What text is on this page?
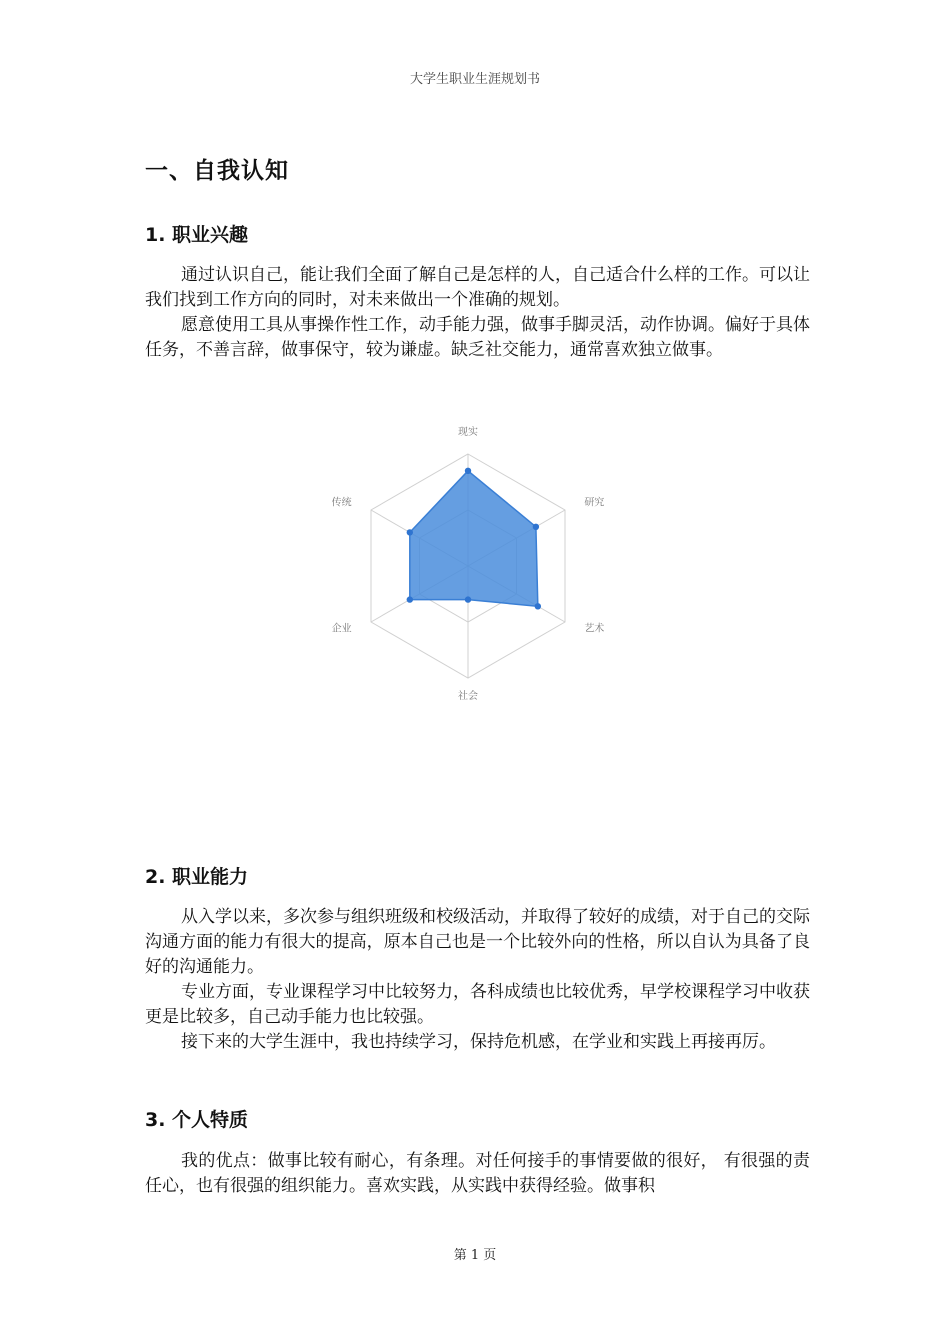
大学生职业生涯规划书
一、自我认知
1. 职业兴趣

通过认识自己，能让我们全面了解自己是怎样的人，自己适合什么样的工作。可以让我们找到工作方向的同时，对未来做出一个准确的规划。

愿意使用工具从事操作性工作，动手能力强，做事手脚灵活，动作协调。偏好于具体任务，不善言辞，做事保守，较为谦虚。缺乏社交能力，通常喜欢独立做事。

现实
研究
艺术
社会
企业
传统
2. 职业能力

从入学以来，多次参与组织班级和校级活动，并取得了较好的成绩，对于自己的交际沟通方面的能力有很大的提高，原本自己也是一个比较外向的性格，所以自认为具备了良好的沟通能力。

专业方面，专业课程学习中比较努力，各科成绩也比较优秀，早学校课程学习中收获更是比较多，自己动手能力也比较强。

接下来的大学生涯中，我也持续学习，保持危机感，在学业和实践上再接再厉。

3. 个人特质

我的优点：做事比较有耐心，有条理。对任何接手的事情要做的很好， 有很强的责任心，也有很强的组织能力。喜欢实践，从实践中获得经验。做事积

第 1 页
